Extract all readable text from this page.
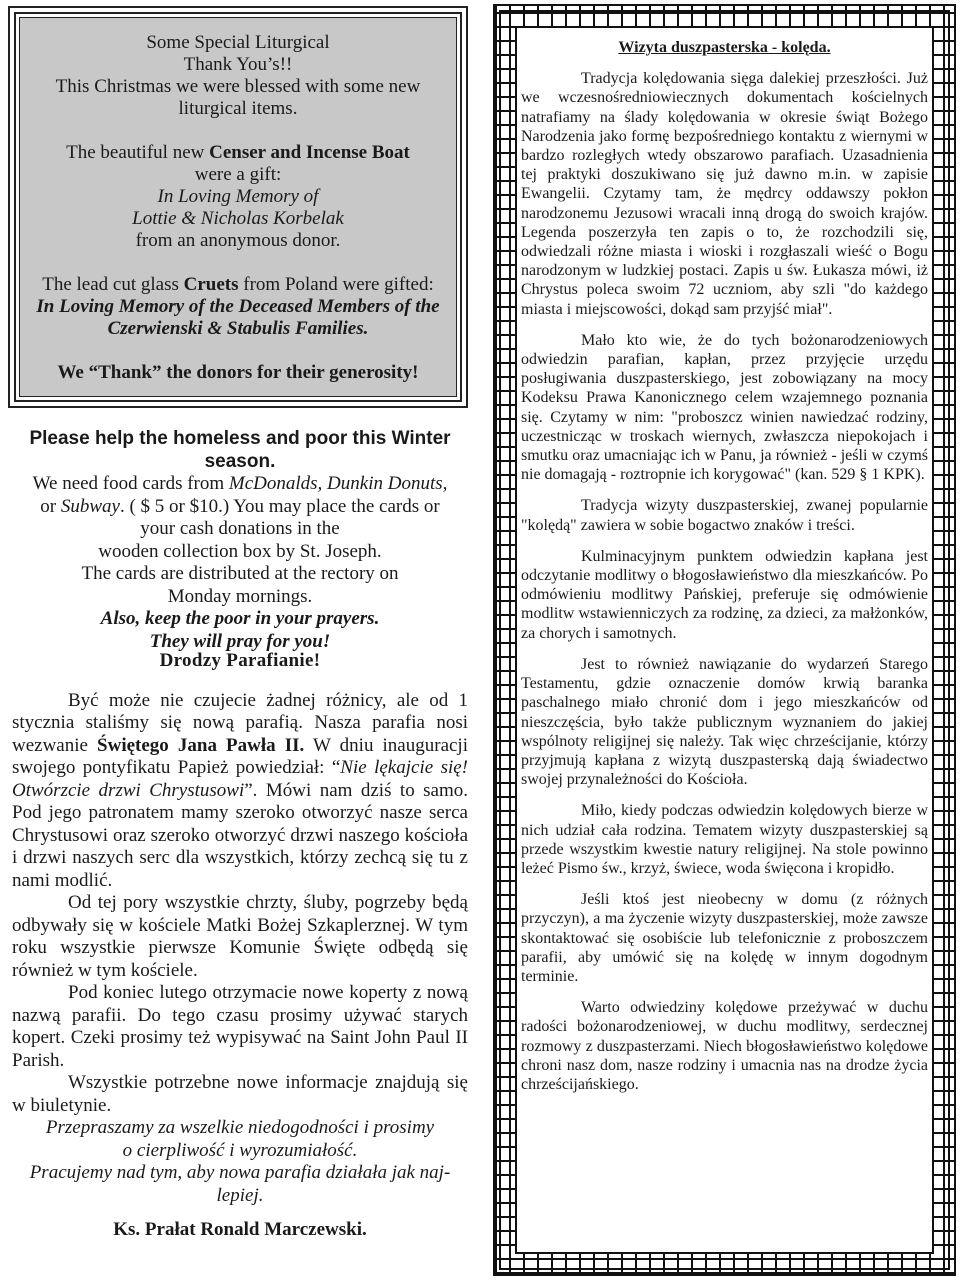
Some Special Liturgical

Thank You’s!!

This Christmas we were blessed with some new

liturgical items.

The beautiful new Censer and Incense Boat

were a gift:

In Loving Memory of

Lottie & Nicholas Korbelak

from an anonymous donor.

The lead cut glass Cruets from Poland were gifted:

In Loving Memory of the Deceased Members of the

Czerwienski & Stabulis Families.

We “Thank” the donors for their generosity!

Please help the homeless and poor this Winter season.

We need food cards from McDonalds, Dunkin Donuts,

or Subway. ( $ 5 or $10.) You may place the cards or

your cash donations in the

wooden collection box by St. Joseph.

The cards are distributed at the rectory on

Monday mornings.

Also, keep the poor in your prayers.

They will pray for you!

Drodzy Parafianie!

Być może nie czujecie żadnej różnicy, ale od 1 stycznia staliśmy się nową parafią. Nasza parafia nosi wezwanie Świętego Jana Pawła II. W dniu inauguracji swojego pontyfikatu Papież powiedział: “Nie lękajcie się! Otwórzcie drzwi Chrystusowi”. Mówi nam dziś to samo. Pod jego patronatem mamy szeroko otworzyć nasze serca Chrystusowi oraz szeroko otworzyć drzwi naszego kościoła i drzwi naszych serc dla wszystkich, którzy zechcą się tu z nami modlić.

Od tej pory wszystkie chrzty, śluby, pogrzeby będą odbywały się w kościele Matki Bożej Szkaplerznej. W tym roku wszystkie pierwsze Komunie Święte odbędą się również w tym kościele.

Pod koniec lutego otrzymacie nowe koperty z nową nazwą parafii. Do tego czasu prosimy używać starych kopert. Czeki prosimy też wypisywać na Saint John Paul II Parish.

Wszystkie potrzebne nowe informacje znajdują się w biuletynie.

Przepraszamy za wszelkie niedogodności i prosimy

o cierpliwość i wyrozumiałość.

Pracujemy nad tym, aby nowa parafia działała jak naj-lepiej.

Ks. Prałat Ronald Marczewski.

Wizyta duszpasterska - kolęda.

Tradycja kolędowania sięga dalekiej przeszłości. Już we wczesnośredniowiecznych dokumentach kościelnych natrafiamy na ślady kolędowania w okresie świąt Bożego Narodzenia jako formę bezpośredniego kontaktu z wiernymi w bardzo rozległych wtedy obszarowo parafiach. Uzasadnienia tej praktyki doszukiwano się już dawno m.in. w zapisie Ewangelii. Czytamy tam, że mędrcy oddawszy pokłon narodzonemu Jezusowi wracali inną drogą do swoich krajów. Legenda poszerzyła ten zapis o to, że rozchodzili się, odwiedzali różne miasta i wioski i rozgłaszali wieść o Bogu narodzonym w ludzkiej postaci. Zapis u św. Łukasza mówi, iż Chrystus poleca swoim 72 uczniom, aby szli "do każdego miasta i miejscowości, dokąd sam przyjść miał".

Mało kto wie, że do tych bożonarodzeniowych odwiedzin parafian, kapłan, przez przyjęcie urzędu posługiwania duszpasterskiego, jest zobowiązany na mocy Kodeksu Prawa Kanonicznego celem wzajemnego poznania się. Czytamy w nim: "proboszcz winien nawiedzać rodziny, uczestnicząc w troskach wiernych, zwłaszcza niepokojach i smutku oraz umacniając ich w Panu, ja również - jeśli w czymś nie domagają - roztropnie ich korygować" (kan. 529 § 1 KPK).

Tradycja wizyty duszpasterskiej, zwanej popularnie "kolędą" zawiera w sobie bogactwo znaków i treści.

Kulminacyjnym punktem odwiedzin kapłana jest odczytanie modlitwy o błogosławieństwo dla mieszkańców. Po odmówieniu modlitwy Pańskiej, preferuje się odmówienie modlitw wstawienniczych za rodzinę, za dzieci, za małżonków, za chorych i samotnych.

Jest to również nawiązanie do wydarzeń Starego Testamentu, gdzie oznaczenie domów krwią baranka paschalnego miało chronić dom i jego mieszkańców od nieszczęścia, było także publicznym wyznaniem do jakiej wspólnoty religijnej się należy. Tak więc chrześcijanie, którzy przyjmują kapłana z wizytą duszpasterską dają świadectwo swojej przynależności do Kościoła.

Miło, kiedy podczas odwiedzin kolędowych bierze w nich udział cała rodzina. Tematem wizyty duszpasterskiej są przede wszystkim kwestie natury religijnej. Na stole powinno leżeć Pismo św., krzyż, świece, woda święcona i kropidło.

Jeśli ktoś jest nieobecny w domu (z różnych przyczyn), a ma życzenie wizyty duszpasterskiej, może zawsze skontaktować się osobiście lub telefonicznie z proboszczem parafii, aby umówić się na kolędę w innym dogodnym terminie.

Warto odwiedziny kolędowe przeżywać w duchu radości bożonarodzeniowej, w duchu modlitwy, serdecznej rozmowy z duszpasterzami. Niech błogosławieństwo kolędowe chroni nasz dom, nasze rodziny i umacnia nas na drodze życia chrześcijańskiego.
